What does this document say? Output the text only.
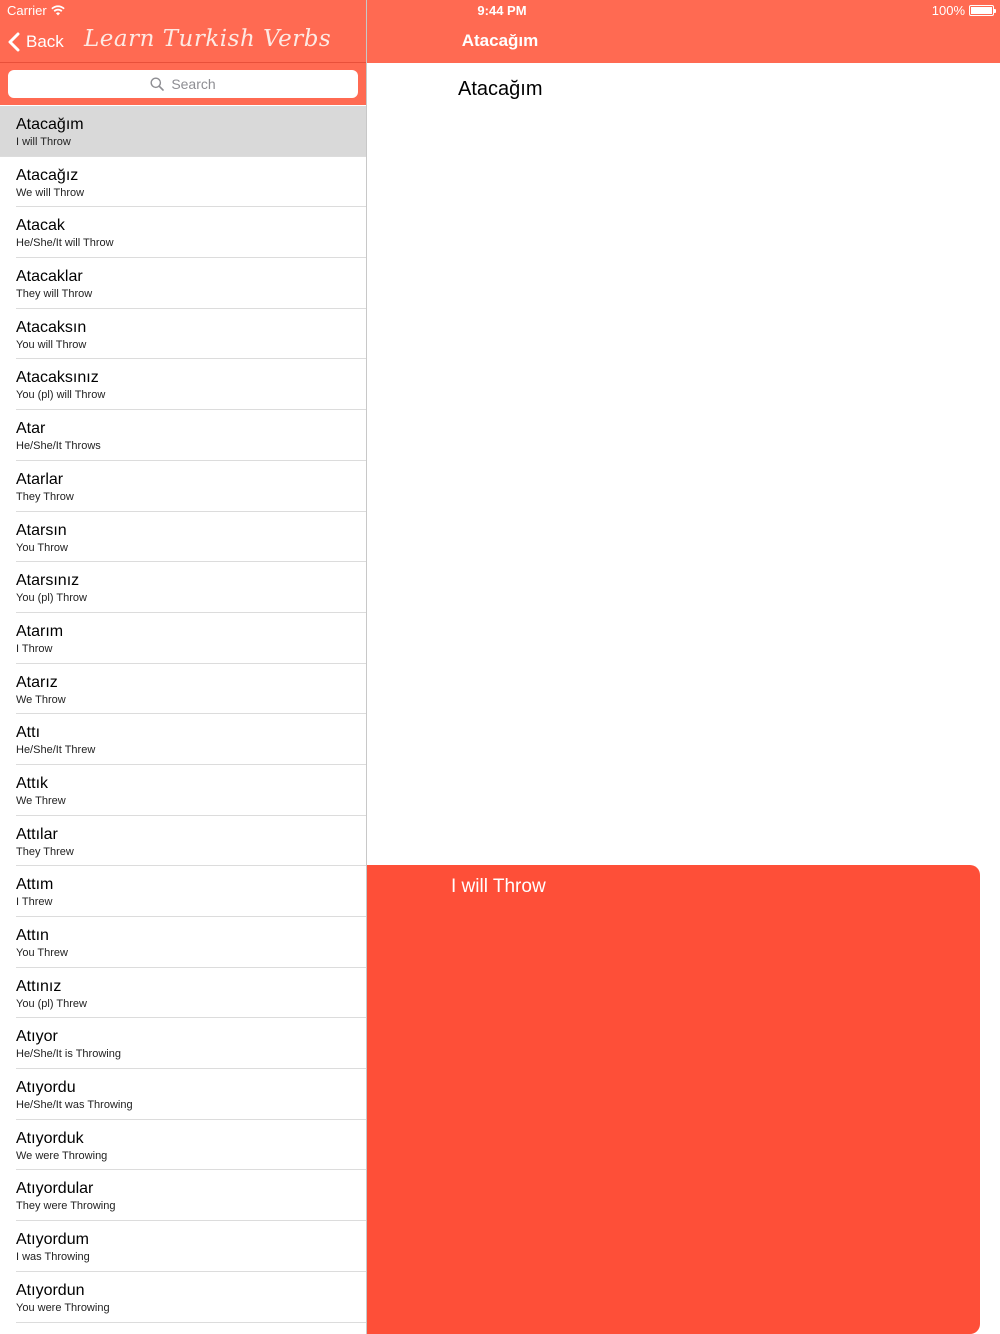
Carrier
Back Learn Turkish Verbs
Search
Atacağım
I will Throw
Atacağız
We will Throw
Atacak
He/She/It will Throw
Atacaklar
They will Throw
Atacaksın
You will Throw
Atacaksınız
You (pl) will Throw
Atar
He/She/It Throws
Atarlar
They Throw
Atarsın
You Throw
Atarsınız
You (pl) Throw
Atarım
I Throw
Atarız
We Throw
Attı
He/She/It Threw
Attık
We Threw
Attılar
They Threw
Attım
I Threw
Attın
You Threw
Attınız
You (pl) Threw
Atıyor
He/She/It is Throwing
Atıyordu
He/She/It was Throwing
Atıyorduk
We were Throwing
Atıyordular
They were Throwing
Atıyordum
I was Throwing
Atıyordun
You were Throwing
9:44 PM	100%
Atacağım
Atacağım
I will Throw
